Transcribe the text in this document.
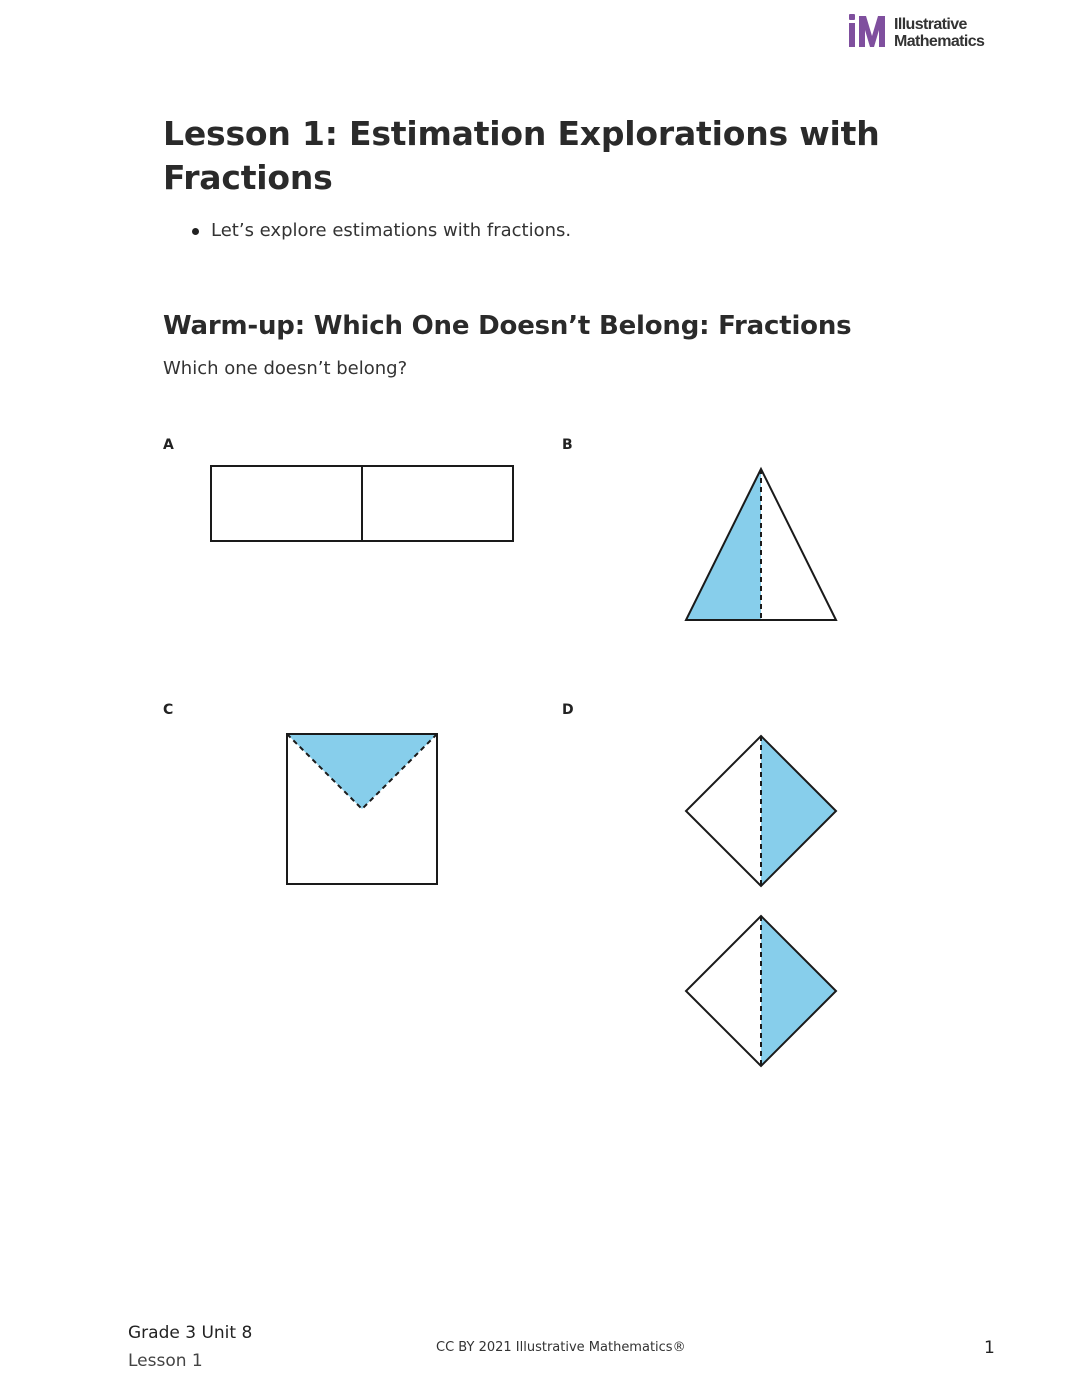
Illustrative
Mathematics
Lesson 1: Estimation Explorations with Fractions
Let’s explore estimations with fractions.
Warm-up: Which One Doesn’t Belong: Fractions

Which one doesn’t belong?

A	B
C	D
Grade 3 Unit 8
Lesson 1
CC BY 2021 Illustrative Mathematics®	1
